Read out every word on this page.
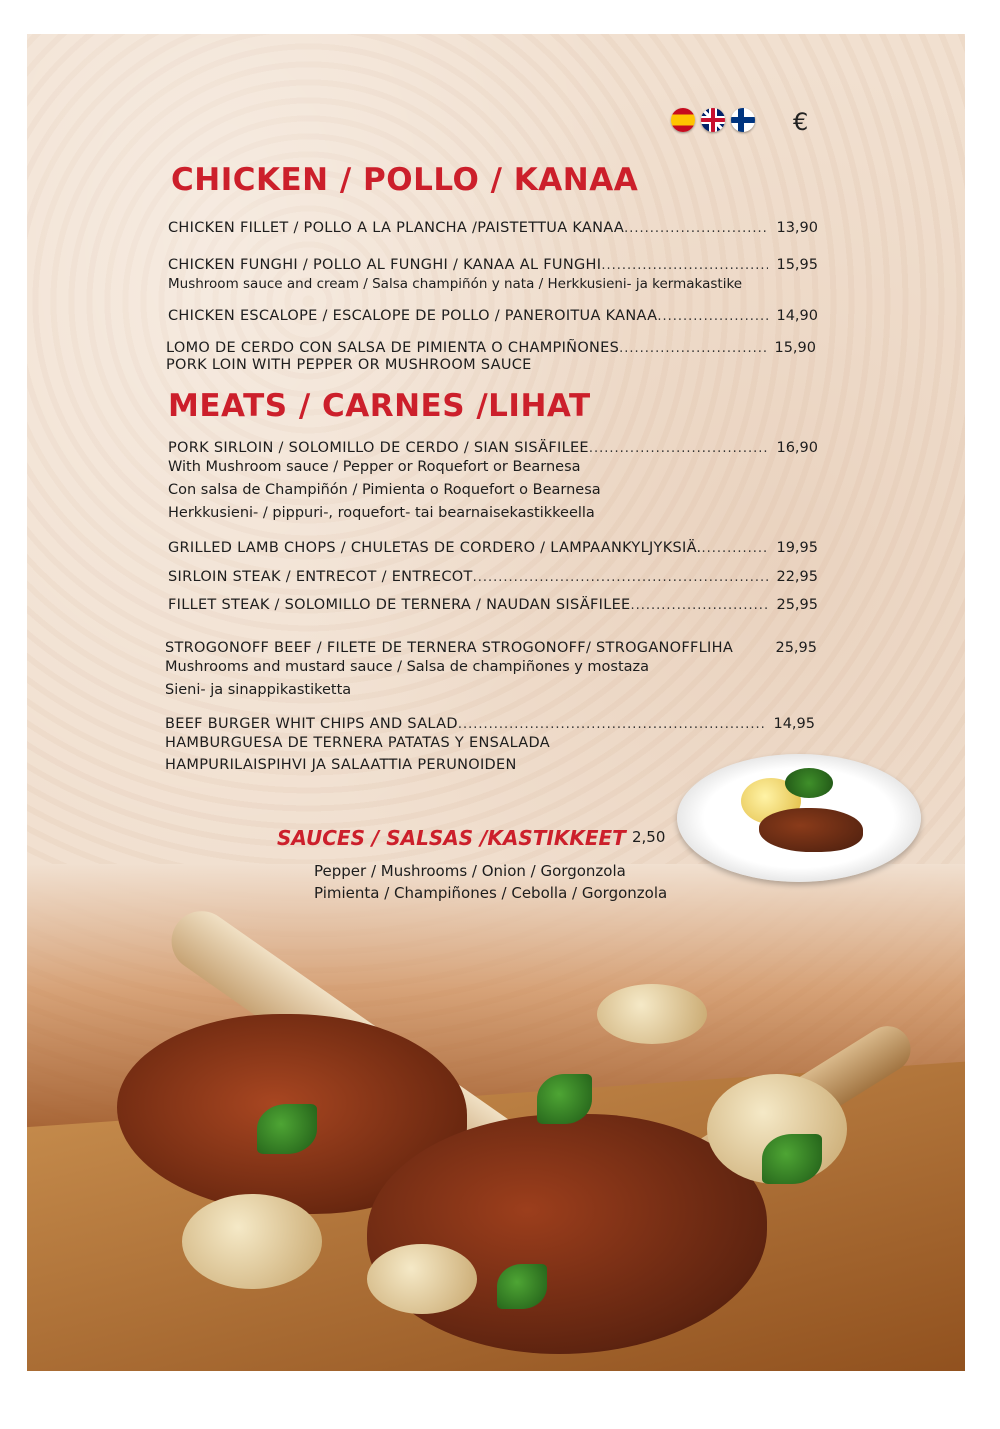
€
CHICKEN / POLLO / KANAA
CHICKEN FILLET / POLLO A LA PLANCHA /PAISTETTUA KANAA .....	13,90
CHICKEN FUNGHI / POLLO AL FUNGHI / KANAA AL FUNGHI .....	15,95
Mushroom sauce and cream / Salsa champiñón y nata / Herkkusieni- ja kermakastike
CHICKEN ESCALOPE / ESCALOPE DE POLLO / PANEROITUA KANAA .....	14,90
LOMO DE CERDO CON SALSA DE PIMIENTA O CHAMPIÑONES .....	15,90
PORK LOIN WITH PEPPER OR MUSHROOM SAUCE
MEATS / CARNES /LIHAT
PORK SIRLOIN / SOLOMILLO DE CERDO / SIAN SISÄFILEE .....	16,90
With Mushroom sauce / Pepper or Roquefort or Bearnesa
Con salsa de Champiñón / Pimienta o Roquefort o Bearnesa
Herkkusieni- / pippuri-, roquefort- tai bearnaisekastikkeella
GRILLED LAMB CHOPS / CHULETAS DE CORDERO / LAMPAANKYLJYKSIÄ. .....	19,95
SIRLOIN STEAK / ENTRECOT / ENTRECOT .....	22,95
FILLET STEAK / SOLOMILLO DE TERNERA / NAUDAN SISÄFILEE .....	25,95
STROGONOFF BEEF / FILETE DE TERNERA STROGONOFF/ STROGANOFFLIHA	25,95
Mushrooms and mustard sauce / Salsa de champiñones y mostaza
Sieni- ja sinappikastiketta
BEEF BURGER WHIT CHIPS AND SALAD .....	14,95
HAMBURGUESA DE TERNERA PATATAS Y ENSALADA
HAMPURILAISPIHVI JA SALAATTIA PERUNOIDEN
SAUCES / SALSAS /KASTIKKEET 2,50
Pepper / Mushrooms / Onion / Gorgonzola
Pimienta / Champiñones / Cebolla / Gorgonzola
